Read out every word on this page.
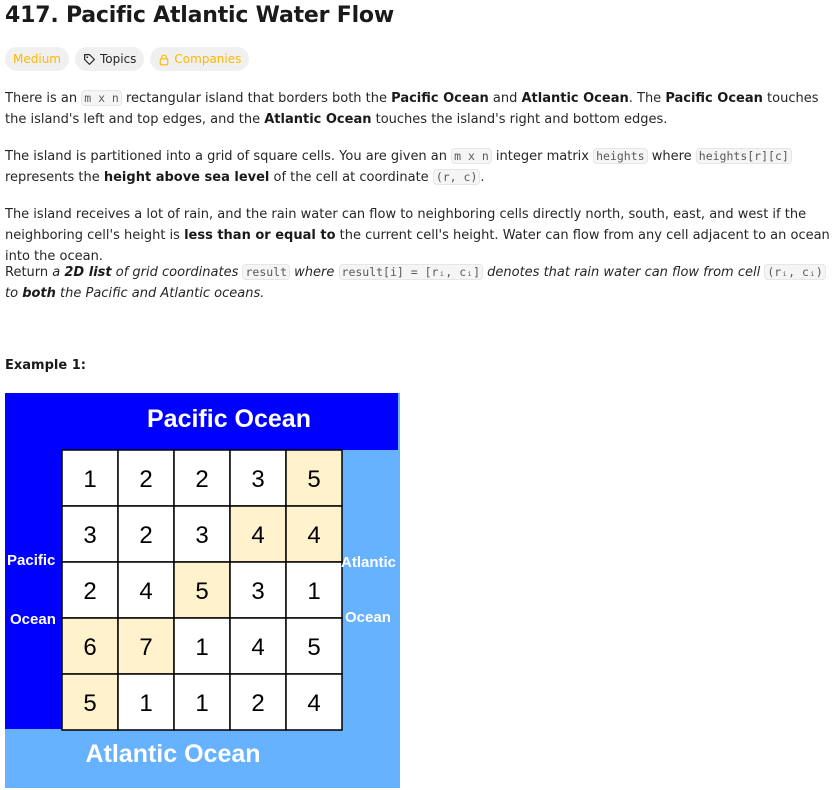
417. Pacific Atlantic Water Flow
Medium	Topics	Companies

There is an m x n rectangular island that borders both the Pacific Ocean and Atlantic Ocean. The Pacific Ocean touches the island's left and top edges, and the Atlantic Ocean touches the island's right and bottom edges.

The island is partitioned into a grid of square cells. You are given an m x n integer matrix heights where heights[r][c] represents the height above sea level of the cell at coordinate (r, c) .

The island receives a lot of rain, and the rain water can flow to neighboring cells directly north, south, east, and west if the neighboring cell's height is less than or equal to the current cell's height. Water can flow from any cell adjacent to an ocean into the ocean.

Return a 2D list of grid coordinates result where result[i] = [rᵢ, cᵢ] denotes that rain water can flow from cell (rᵢ, cᵢ) to both the Pacific and Atlantic oceans.

Example 1:
1 2 2 3 5
3 2 3 4 4
2 4 5 3 1
6 7 1 4 5
5 1 1 2 4
Pacific Ocean
Atlantic Ocean
Pacific
Ocean
Atlantic
Ocean
